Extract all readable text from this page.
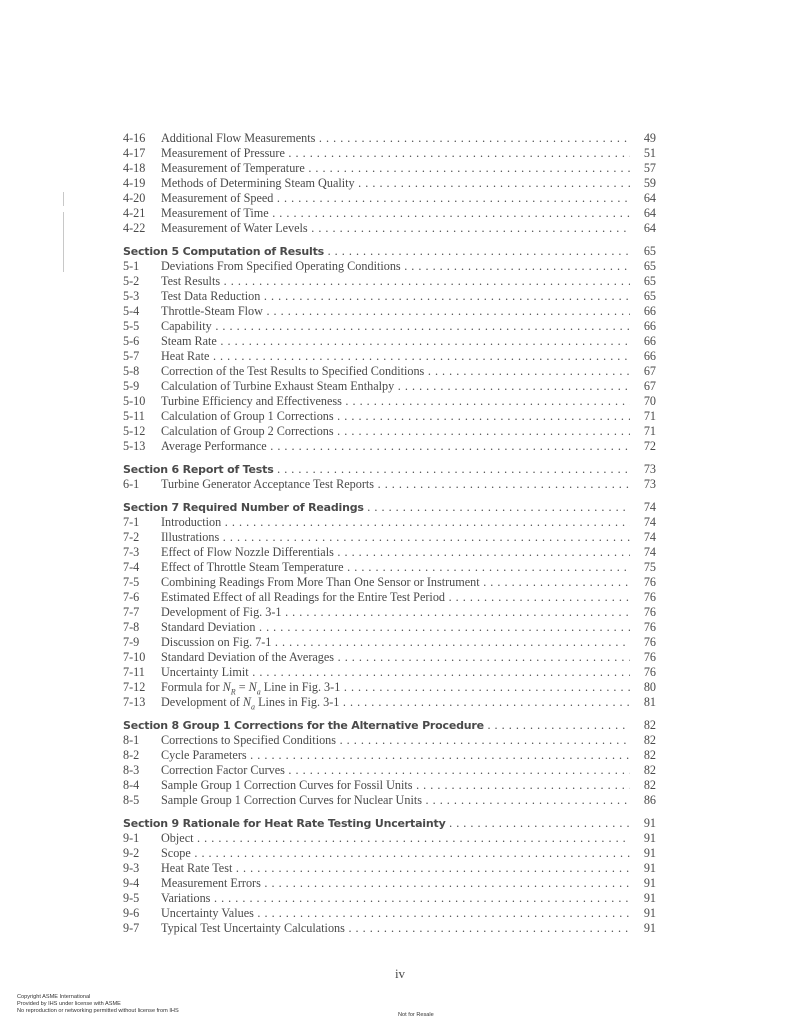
4-16 Additional Flow Measurements . . .	49
4-17 Measurement of Pressure . . .	51
4-18 Measurement of Temperature . . .	57
4-19 Methods of Determining Steam Quality . . .	59
4-20 Measurement of Speed . . .	64
4-21 Measurement of Time . . .	64
4-22 Measurement of Water Levels . . .	64
Section 5 Computation of Results . . .	65
5-1 Deviations From Specified Operating Conditions . . .	65
5-2 Test Results . . .	65
5-3 Test Data Reduction . . .	65
5-4 Throttle-Steam Flow . . .	66
5-5 Capability . . .	66
5-6 Steam Rate . . .	66
5-7 Heat Rate . . .	66
5-8 Correction of the Test Results to Specified Conditions . . .	67
5-9 Calculation of Turbine Exhaust Steam Enthalpy . . .	67
5-10 Turbine Efficiency and Effectiveness . . .	70
5-11 Calculation of Group 1 Corrections . . .	71
5-12 Calculation of Group 2 Corrections . . .	71
5-13 Average Performance . . .	72
Section 6 Report of Tests . . .	73
6-1 Turbine Generator Acceptance Test Reports . . .	73
Section 7 Required Number of Readings . . .	74
7-1 Introduction . . .	74
7-2 Illustrations . . .	74
7-3 Effect of Flow Nozzle Differentials . . .	74
7-4 Effect of Throttle Steam Temperature . . .	75
7-5 Combining Readings From More Than One Sensor or Instrument . . .	76
7-6 Estimated Effect of all Readings for the Entire Test Period . . .	76
7-7 Development of Fig. 3-1 . . .	76
7-8 Standard Deviation . . .	76
7-9 Discussion on Fig. 7-1 . . .	76
7-10 Standard Deviation of the Averages . . .	76
7-11 Uncertainty Limit . . .	76
7-12 Formula for $N_R = N_a$ Line in Fig. 3-1 . . .	80
7-13 Development of $N_a$ Lines in Fig. 3-1 . . .	81
Section 8 Group 1 Corrections for the Alternative Procedure . . .	82
8-1 Corrections to Specified Conditions . . .	82
8-2 Cycle Parameters . . .	82
8-3 Correction Factor Curves . . .	82
8-4 Sample Group 1 Correction Curves for Fossil Units . . .	82
8-5 Sample Group 1 Correction Curves for Nuclear Units . . .	86
Section 9 Rationale for Heat Rate Testing Uncertainty . . .	91
9-1 Object . . .	91
9-2 Scope . . .	91
9-3 Heat Rate Test . . .	91
9-4 Measurement Errors . . .	91
9-5 Variations . . .	91
9-6 Uncertainty Values . . .	91
9-7 Typical Test Uncertainty Calculations . . .	91
iv
Copyright ASME International
Provided by IHS under license with ASME
No reproduction or networking permitted without license from IHS
Not for Resale
